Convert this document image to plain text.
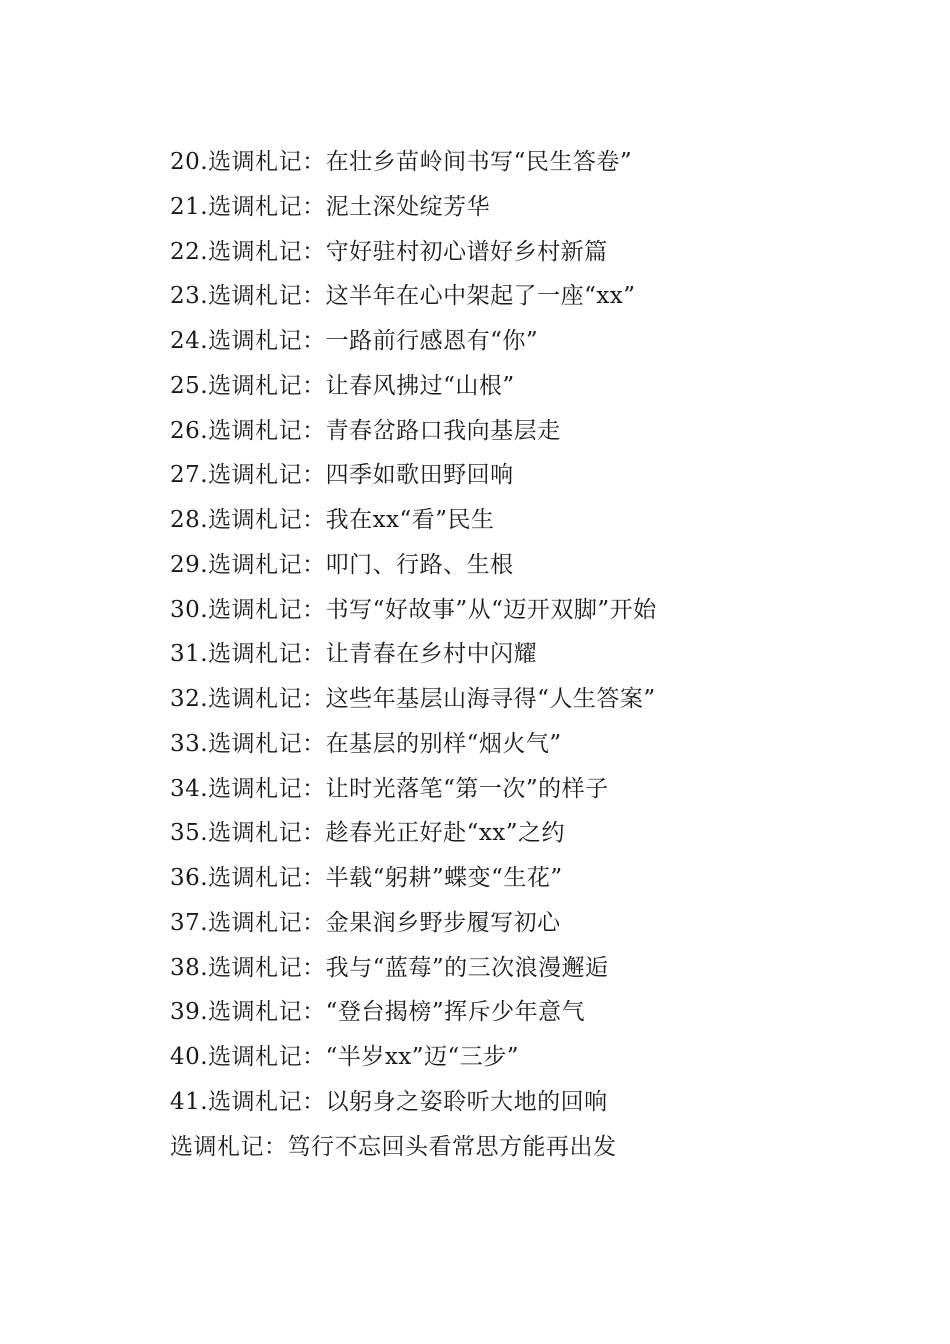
20.选调札记：在壮乡苗岭间书写“民生答卷”
21.选调札记：泥土深处绽芳华
22.选调札记：守好驻村初心谱好乡村新篇
23.选调札记：这半年在心中架起了一座“xx”
24.选调札记：一路前行感恩有“你”
25.选调札记：让春风拂过“山根”
26.选调札记：青春岔路口我向基层走
27.选调札记：四季如歌田野回响
28.选调札记：我在xx“看”民生
29.选调札记：叩门、行路、生根
30.选调札记：书写“好故事”从“迈开双脚”开始
31.选调札记：让青春在乡村中闪耀
32.选调札记：这些年基层山海寻得“人生答案”
33.选调札记：在基层的别样“烟火气”
34.选调札记：让时光落笔“第一次”的样子
35.选调札记：趁春光正好赴“xx”之约
36.选调札记：半载“躬耕”蝶变“生花”
37.选调札记：金果润乡野步履写初心
38.选调札记：我与“蓝莓”的三次浪漫邂逅
39.选调札记：“登台揭榜”挥斥少年意气
40.选调札记：“半岁xx”迈“三步”
41.选调札记：以躬身之姿聆听大地的回响
选调札记：笃行不忘回头看常思方能再出发
